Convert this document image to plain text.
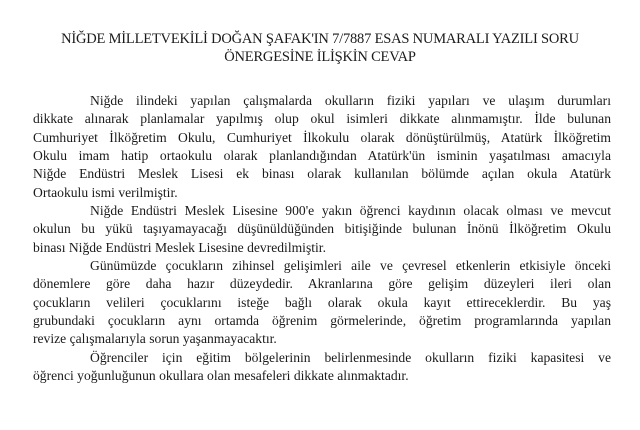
NİĞDE MİLLETVEKİLİ DOĞAN ŞAFAK'IN 7/7887 ESAS NUMARALI YAZILI SORU
ÖNERGESİNE İLİŞKİN CEVAP
Niğde ilindeki yapılan çalışmalarda okulların fiziki yapıları ve ulaşım durumları
dikkate alınarak planlamalar yapılmış olup okul isimleri dikkate alınmamıştır. İlde bulunan
Cumhuriyet İlköğretim Okulu, Cumhuriyet İlkokulu olarak dönüştürülmüş, Atatürk İlköğretim
Okulu imam hatip ortaokulu olarak planlandığından Atatürk'ün isminin yaşatılması amacıyla
Niğde Endüstri Meslek Lisesi ek binası olarak kullanılan bölümde açılan okula Atatürk
Ortaokulu ismi verilmiştir.
Niğde Endüstri Meslek Lisesine 900'e yakın öğrenci kaydının olacak olması ve mevcut
okulun bu yükü taşıyamayacağı düşünüldüğünden bitişiğinde bulunan İnönü İlköğretim Okulu
binası Niğde Endüstri Meslek Lisesine devredilmiştir.
Günümüzde çocukların zihinsel gelişimleri aile ve çevresel etkenlerin etkisiyle önceki
dönemlere göre daha hazır düzeydedir. Akranlarına göre gelişim düzeyleri ileri olan
çocukların velileri çocuklarını isteğe bağlı olarak okula kayıt ettireceklerdir. Bu yaş
grubundaki çocukların aynı ortamda öğrenim görmelerinde, öğretim programlarında yapılan
revize çalışmalarıyla sorun yaşanmayacaktır.
Öğrenciler için eğitim bölgelerinin belirlenmesinde okulların fiziki kapasitesi ve
öğrenci yoğunluğunun okullara olan mesafeleri dikkate alınmaktadır.
